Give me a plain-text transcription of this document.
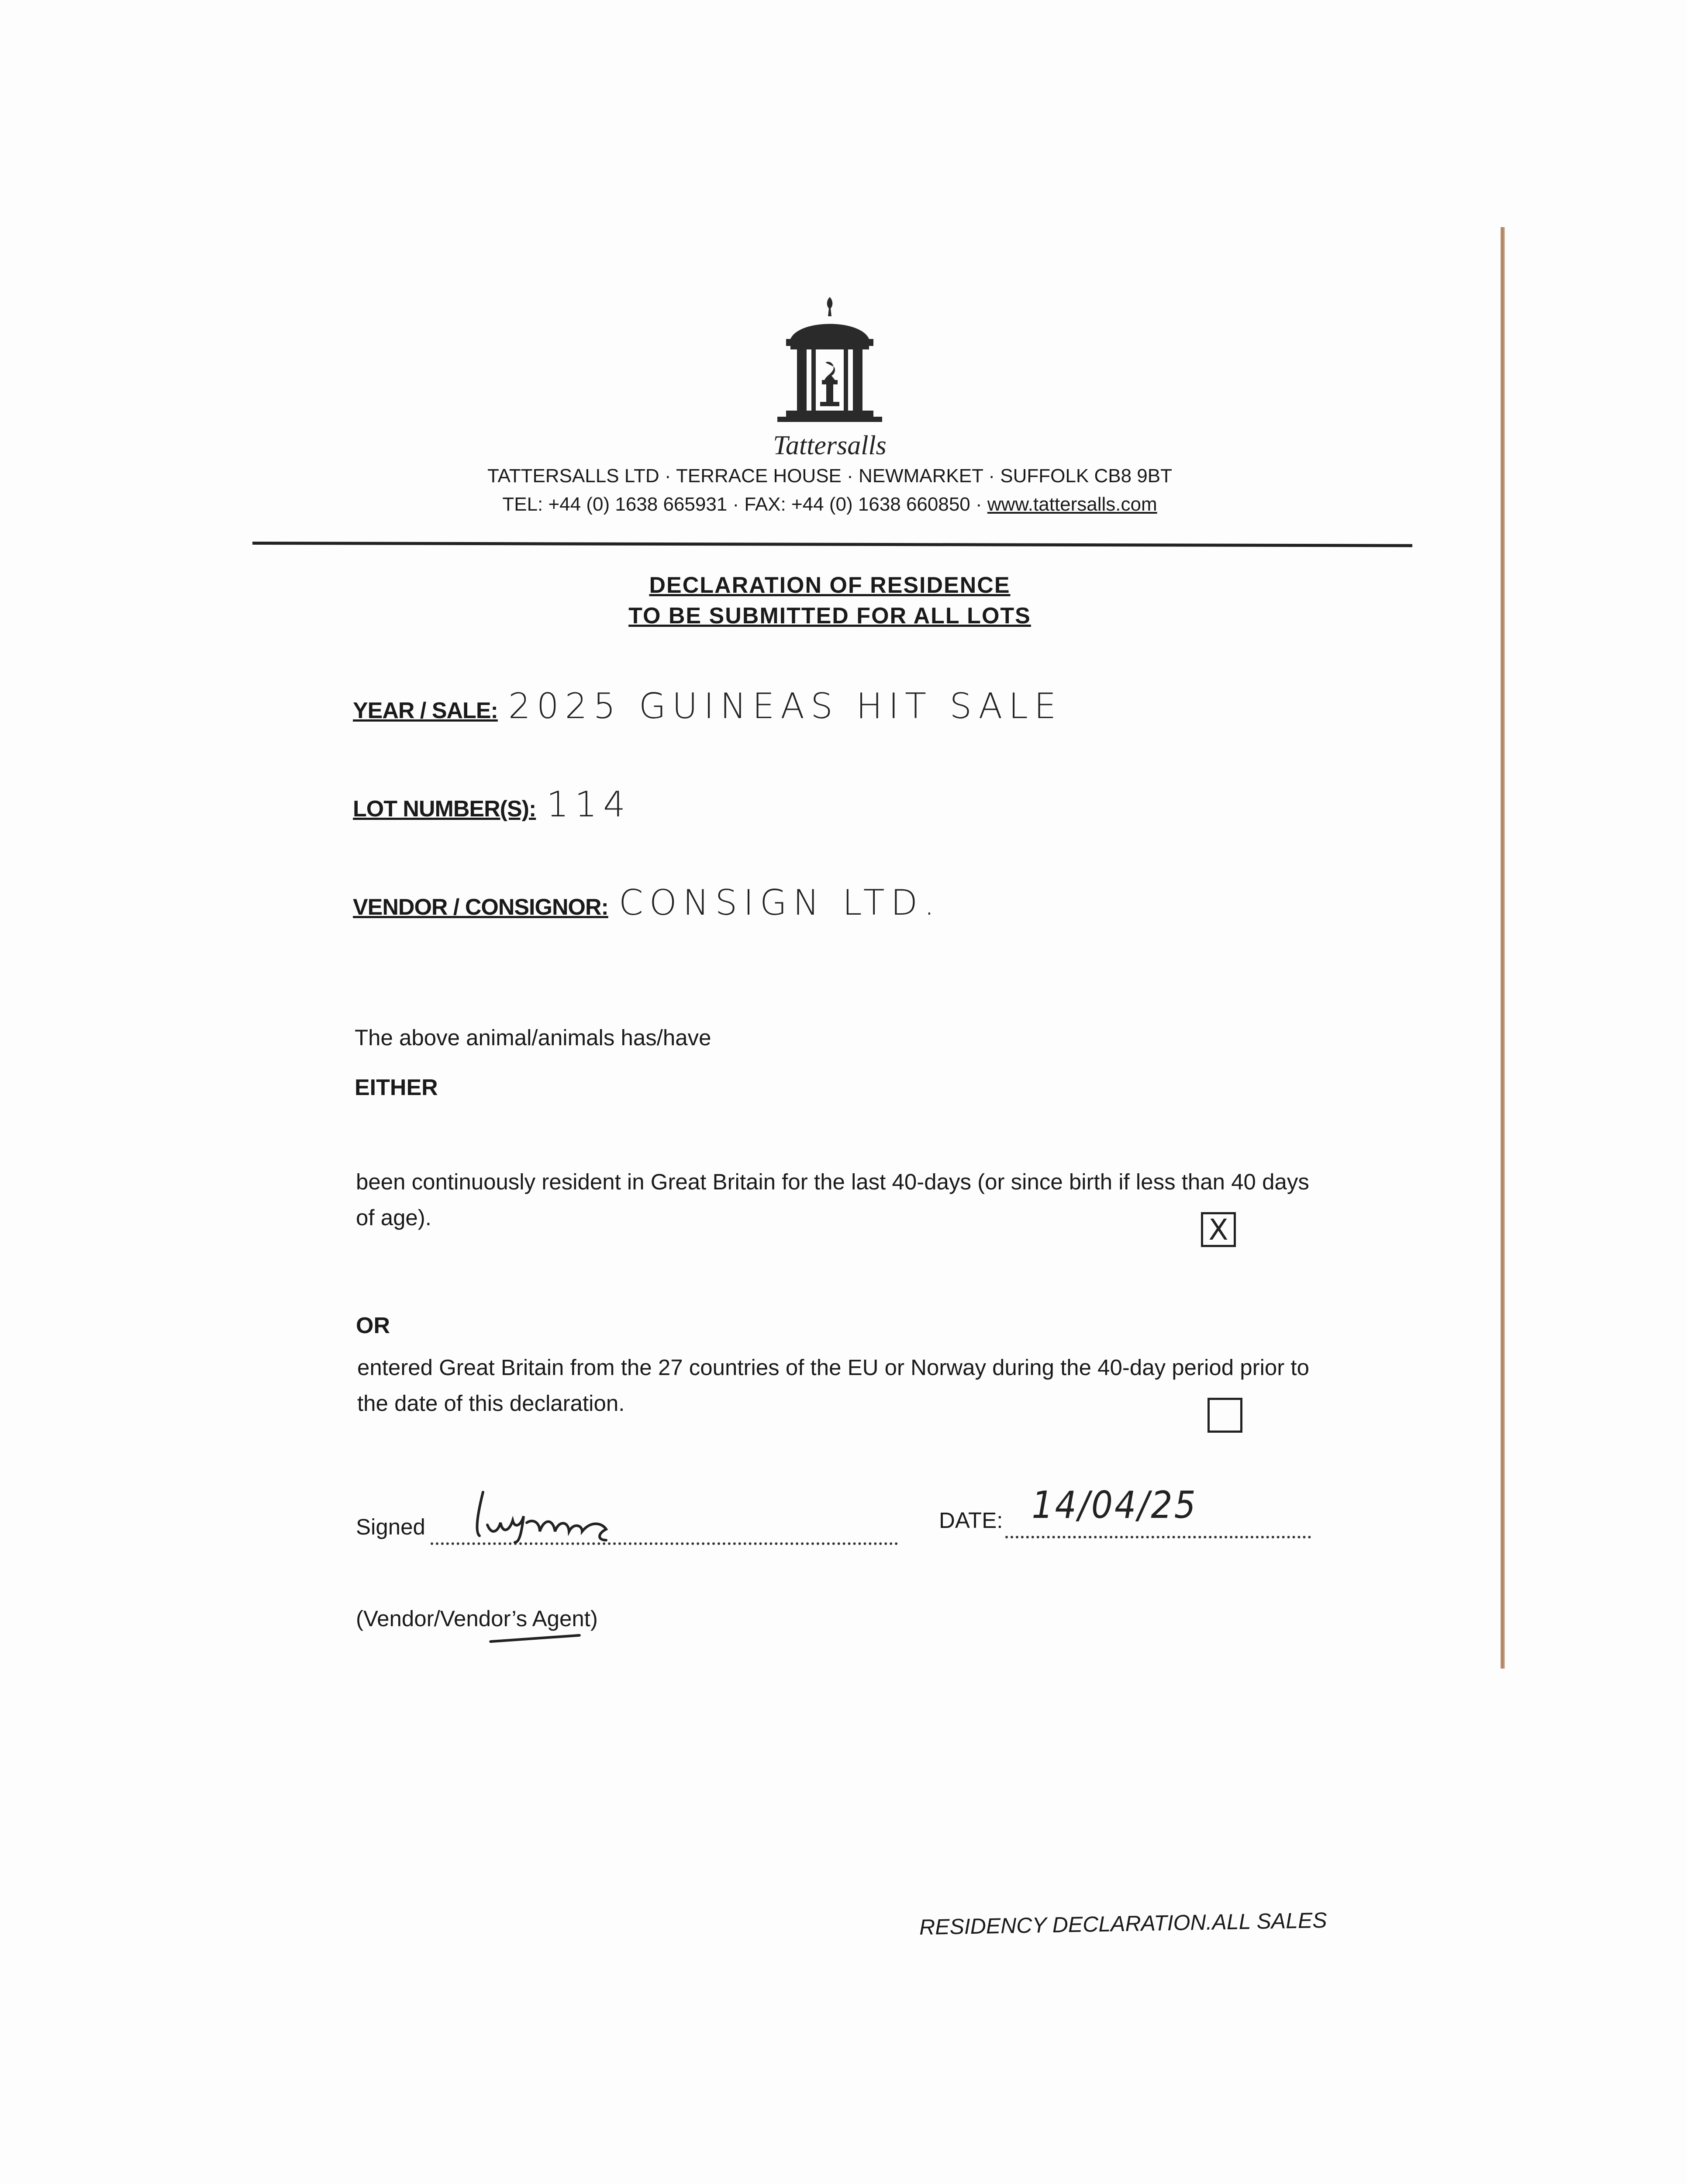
Tattersalls
TATTERSALLS LTD · TERRACE HOUSE · NEWMARKET · SUFFOLK CB8 9BT
TEL: +44 (0) 1638 665931 · FAX: +44 (0) 1638 660850 · www.tattersalls.com
DECLARATION OF RESIDENCE
TO BE SUBMITTED FOR ALL LOTS
YEAR / SALE: 2025 GUINEAS HIT SALE
LOT NUMBER(S): 114
VENDOR / CONSIGNOR: CONSIGN LTD.
The above animal/animals has/have
EITHER
been continuously resident in Great Britain for the last 40-days (or since birth if less than 40 days of age).	X
OR
entered Great Britain from the 27 countries of the EU or Norway during the 40-day period prior to the date of this declaration.
Signed	DATE: 14/04/25
(Vendor/Vendor’s Agent)
RESIDENCY DECLARATION.ALL SALES
